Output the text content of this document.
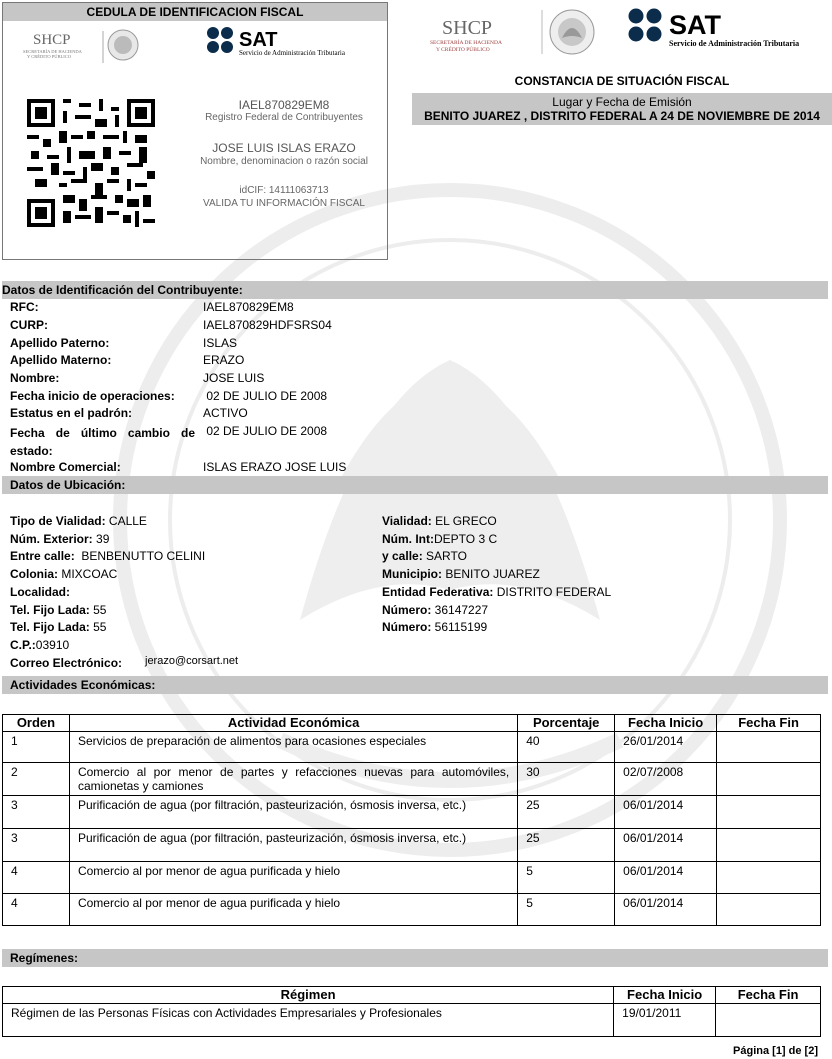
CEDULA DE IDENTIFICACION FISCAL
SHCP
SECRETARÍA DE HACIENDA
Y CRÉDITO PÚBLICO
SAT
Servicio de Administración Tributaria
IAEL870829EM8
Registro Federal de Contribuyentes
JOSE LUIS ISLAS ERAZO
Nombre, denominacion o razón social
idCIF: 14111063713
VALIDA TU INFORMACIÓN FISCAL
SHCP
SECRETARÍA DE HACIENDA
Y CRÉDITO PÚBLICO
SAT
Servicio de Administración Tributaria
CONSTANCIA DE SITUACIÓN FISCAL
Lugar y Fecha de Emisión
BENITO JUAREZ , DISTRITO FEDERAL A 24 DE NOVIEMBRE DE 2014
Datos de Identificación del Contribuyente:
RFC:	IAEL870829EM8
CURP:	IAEL870829HDFSRS04
Apellido Paterno:	ISLAS
Apellido Materno:	ERAZO
Nombre:	JOSE LUIS
Fecha inicio de operaciones: 02 DE JULIO DE 2008
Estatus en el padrón:	ACTIVO
Fecha de último cambio de estado:
02 DE JULIO DE 2008
Nombre Comercial:	ISLAS ERAZO JOSE LUIS
Datos de Ubicación:
Tipo de Vialidad: CALLE
Núm. Exterior: 39
Entre calle:  BENBENUTTO CELINI
Colonia: MIXCOAC
Localidad:
Tel. Fijo Lada: 55
Tel. Fijo Lada: 55
C.P.:03910
Vialidad: EL GRECO
Núm. Int:DEPTO 3 C
y calle: SARTO
Municipio: BENITO JUAREZ
Entidad Federativa: DISTRITO FEDERAL
Número: 36147227
Número: 56115199
Correo Electrónico: jerazo@corsart.net
Actividades Económicas:
Orden	Actividad Económica	Porcentaje	Fecha Inicio	Fecha Fin
1	Servicios de preparación de alimentos para ocasiones especiales	40	26/01/2014	
2	Comercio al por menor de partes y refacciones nuevas para automóviles, camionetas y camiones	30	02/07/2008	
3	Purificación de agua (por filtración, pasteurización, ósmosis inversa, etc.)	25	06/01/2014	
3	Purificación de agua (por filtración, pasteurización, ósmosis inversa, etc.)	25	06/01/2014	
4	Comercio al por menor de agua purificada y hielo	5	06/01/2014	
4	Comercio al por menor de agua purificada y hielo	5	06/01/2014	
Regímenes:
Régimen	Fecha Inicio	Fecha Fin
Régimen de las Personas Físicas con Actividades Empresariales y Profesionales	19/01/2011	
Página [1] de [2]
